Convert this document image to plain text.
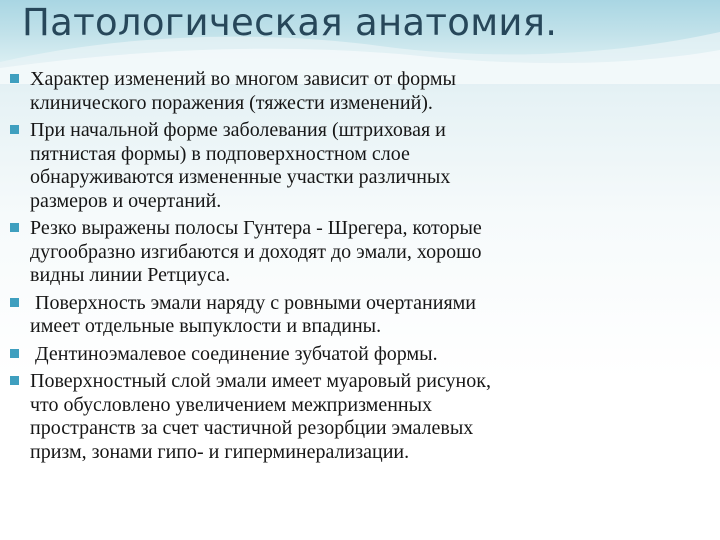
Патологическая анатомия.
Характер изменений во многом зависит от формы
клинического поражения (тяжести изменений).
При начальной форме заболевания (штриховая и
пятнистая формы) в подповерхностном слое
обнаруживаются измененные участки различных
размеров и очертаний.
Резко выражены полосы Гунтера - Шрегера, которые
дугообразно изгибаются и доходят до эмали, хорошо
видны линии Ретциуса.
Поверхность эмали наряду с ровными очертаниями
имеет отдельные выпуклости и впадины.
Дентиноэмалевое соединение зубчатой формы.
Поверхностный слой эмали имеет муаровый рисунок,
что обусловлено увеличением межпризменных
пространств за счет частичной резорбции эмалевых
призм, зонами гипо- и гиперминерализации.
